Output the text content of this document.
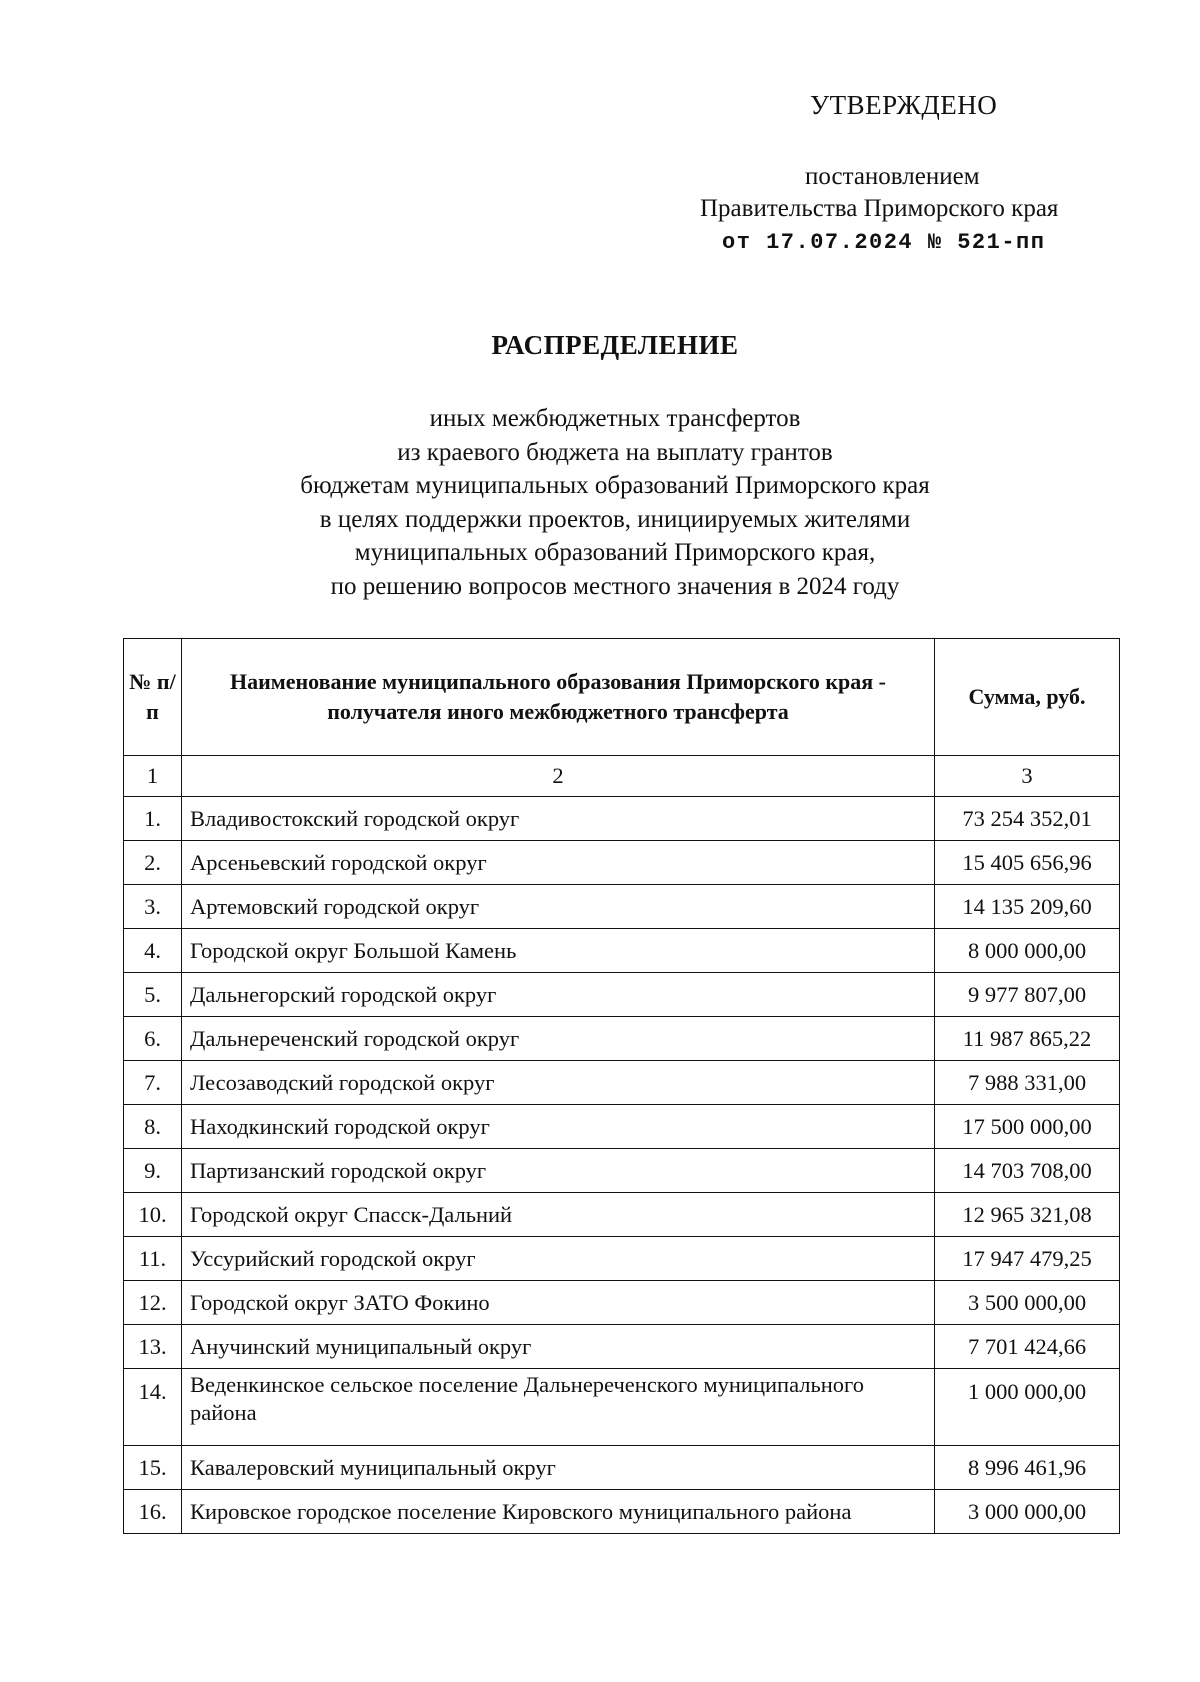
УТВЕРЖДЕНО
постановлением
Правительства Приморского края
от 17.07.2024 № 521-пп
РАСПРЕДЕЛЕНИЕ
иных межбюджетных трансфертов
из краевого бюджета на выплату грантов
бюджетам муниципальных образований Приморского края
в целях поддержки проектов, инициируемых жителями
муниципальных образований Приморского края,
по решению вопросов местного значения в 2024 году
№ п/п	Наименование муниципального образования Приморского края - получателя иного межбюджетного трансферта	Сумма, руб.
1	2	3
1.	Владивостокский городской округ	73 254 352,01
2.	Арсеньевский городской округ	15 405 656,96
3.	Артемовский городской округ	14 135 209,60
4.	Городской округ Большой Камень	8 000 000,00
5.	Дальнегорский городской округ	9 977 807,00
6.	Дальнереченский городской округ	11 987 865,22
7.	Лесозаводский городской округ	7 988 331,00
8.	Находкинский городской округ	17 500 000,00
9.	Партизанский городской округ	14 703 708,00
10.	Городской округ Спасск-Дальний	12 965 321,08
11.	Уссурийский городской округ	17 947 479,25
12.	Городской округ ЗАТО Фокино	3 500 000,00
13.	Анучинский муниципальный округ	7 701 424,66
14.	Веденкинское сельское поселение Дальнереченского муниципального района	1 000 000,00
15.	Кавалеровский муниципальный округ	8 996 461,96
16.	Кировское городское поселение Кировского муниципального района	3 000 000,00
